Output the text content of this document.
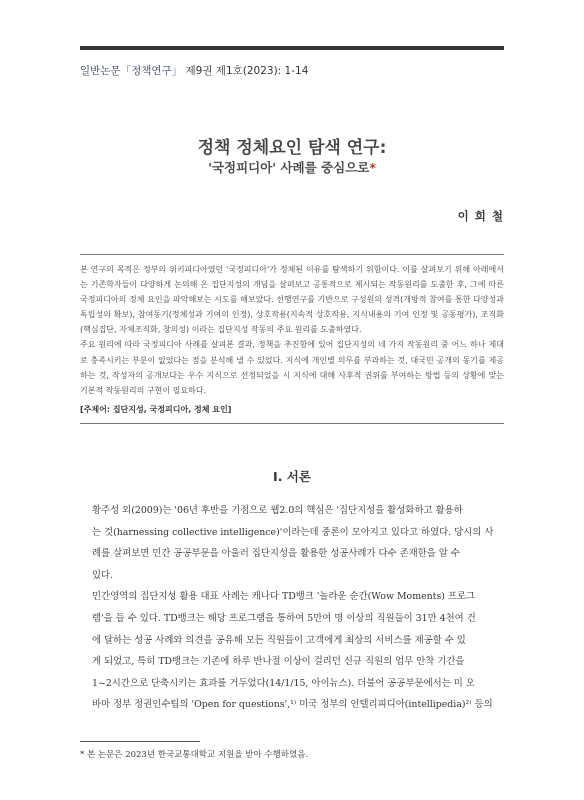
일반논문「정책연구」 제9권 제1호(2023): 1-14
정책 정체요인 탐색 연구:
'국정피디아' 사례를 중심으로*
이 희 철

본 연구의 목적은 정부의 위키피디아였던 '국정피디아'가 정체된 이유를 탐색하기 위함이다. 이를 살펴보기 위해 아래에서는 기존학자들이 다양하게 논의해 온 집단지성의 개념을 살펴보고 공통적으로 제시되는 작동원리를 도출한 후, 그에 따른 국정피디아의 정체 요인을 파악해보는 시도를 해보았다. 선행연구를 기반으로 구성원의 성격(개방적 참여를 통한 다양성과 독립성의 확보), 참여동기(정체성과 기여의 인정), 상호작용(지속적 상호작용, 지식내용의 기여 인정 및 공동평가), 조직화(핵심집단, 자체조직화, 창의성) 이라는 집단지성 작동의 주요 원리를 도출하였다.

주요 원리에 따라 국정피디아 사례를 살펴본 결과, 정책을 추진함에 있어 집단지성의 네 가지 작동원리 중 어느 하나 제대로 충족시키는 부분이 없었다는 점을 분석해 낼 수 있었다. 지식에 개인별 의무를 부과하는 것, 대국민 공개의 동기를 제공하는 것, 작성자의 공개보다는 우수 지식으로 선정되었을 시 지식에 대해 사후적 권위를 부여하는 방법 등의 상황에 맞는 기본적 작동원리의 구현이 필요하다.

[주제어: 집단지성, 국정피디아, 정체 요인]

Ⅰ. 서론

황주성 외(2009)는 '06년 후반을 기점으로 웹2.0의 핵심은 '집단지성을 활성화하고 활용하
는 것(harnessing collective intelligence)'이라는데 중론이 모아지고 있다고 하였다. 당시의 사
례를 살펴보면 민간 공공부문을 아울러 집단지성을 활용한 성공사례가 다수 존재한을 알 수
있다.

민간영역의 집단지성 활용 대표 사례는 캐나다 TD뱅크 '놀라운 순간(Wow Moments) 프로그
램'을 들 수 있다. TD뱅크는 해당 프로그램을 통하여 5만여 명 이상의 직원들이 31만 4천여 건
에 달하는 성공 사례와 의견을 공유해 모든 직원들이 고객에게 최상의 서비스를 제공할 수 있
게 되었고, 특히 TD뱅크는 기존에 하루 반나절 이상이 걸리던 신규 직원의 업무 안착 기간을
1~2시간으로 단축시키는 효과를 거두었다(14/1/15, 아이뉴스). 더불어 공공부문에서는 미 오
바마 정부 정권인수팀의 'Open for questions',¹⁾ 미국 정부의 인텔리피디아(intellipedia)²⁾ 등의

* 본 논문은 2023년 한국교통대학교 지원을 받아 수행하였음.
